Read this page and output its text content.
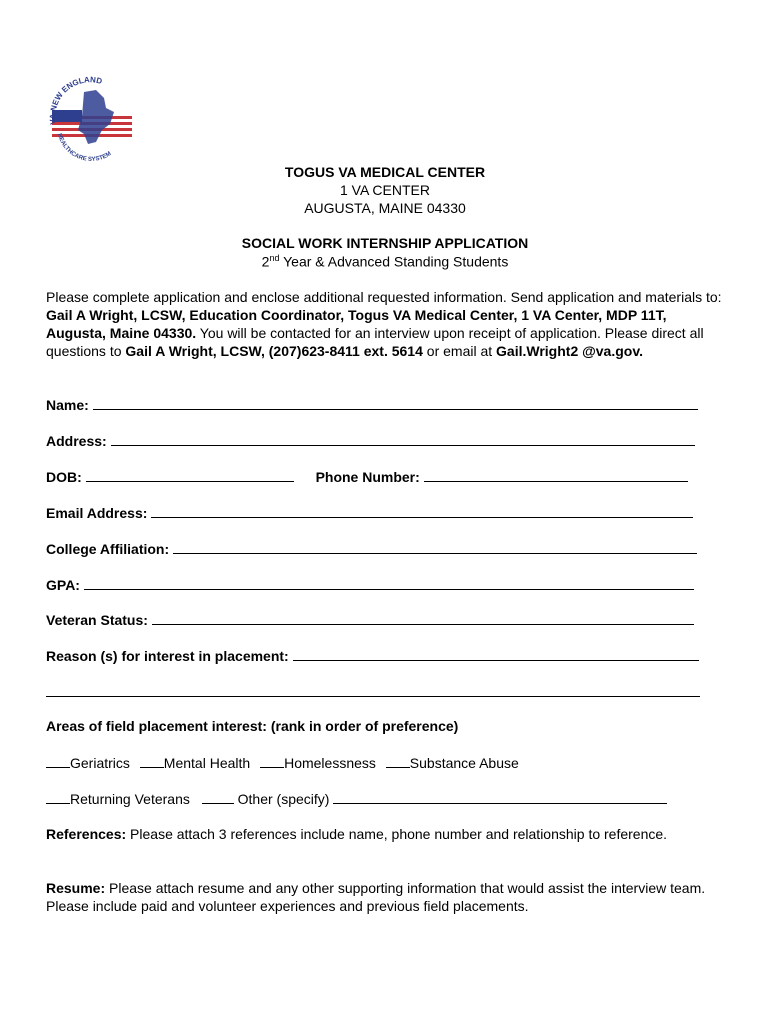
VA NEW ENGLAND
HEALTHCARE SYSTEM
TOGUS VA MEDICAL CENTER
1 VA CENTER
AUGUSTA, MAINE 04330
SOCIAL WORK INTERNSHIP APPLICATION
2nd Year & Advanced Standing Students
Please complete application and enclose additional requested information. Send application and materials to: Gail A Wright, LCSW, Education Coordinator, Togus VA Medical Center, 1 VA Center, MDP 11T, Augusta, Maine 04330. You will be contacted for an interview upon receipt of application. Please direct all questions to Gail A Wright, LCSW, (207)623-8411 ext. 5614 or email at Gail.Wright2 @va.gov.
Name:
Address:
DOB:	Phone Number:
Email Address:
College Affiliation:
GPA:
Veteran Status:
Reason (s) for interest in placement:
Areas of field placement interest: (rank in order of preference)
Geriatrics Mental Health Homelessness Substance Abuse
Returning Veterans	Other (specify)
References: Please attach 3 references include name, phone number and relationship to reference.
Resume: Please attach resume and any other supporting information that would assist the interview team. Please include paid and volunteer experiences and previous field placements.
